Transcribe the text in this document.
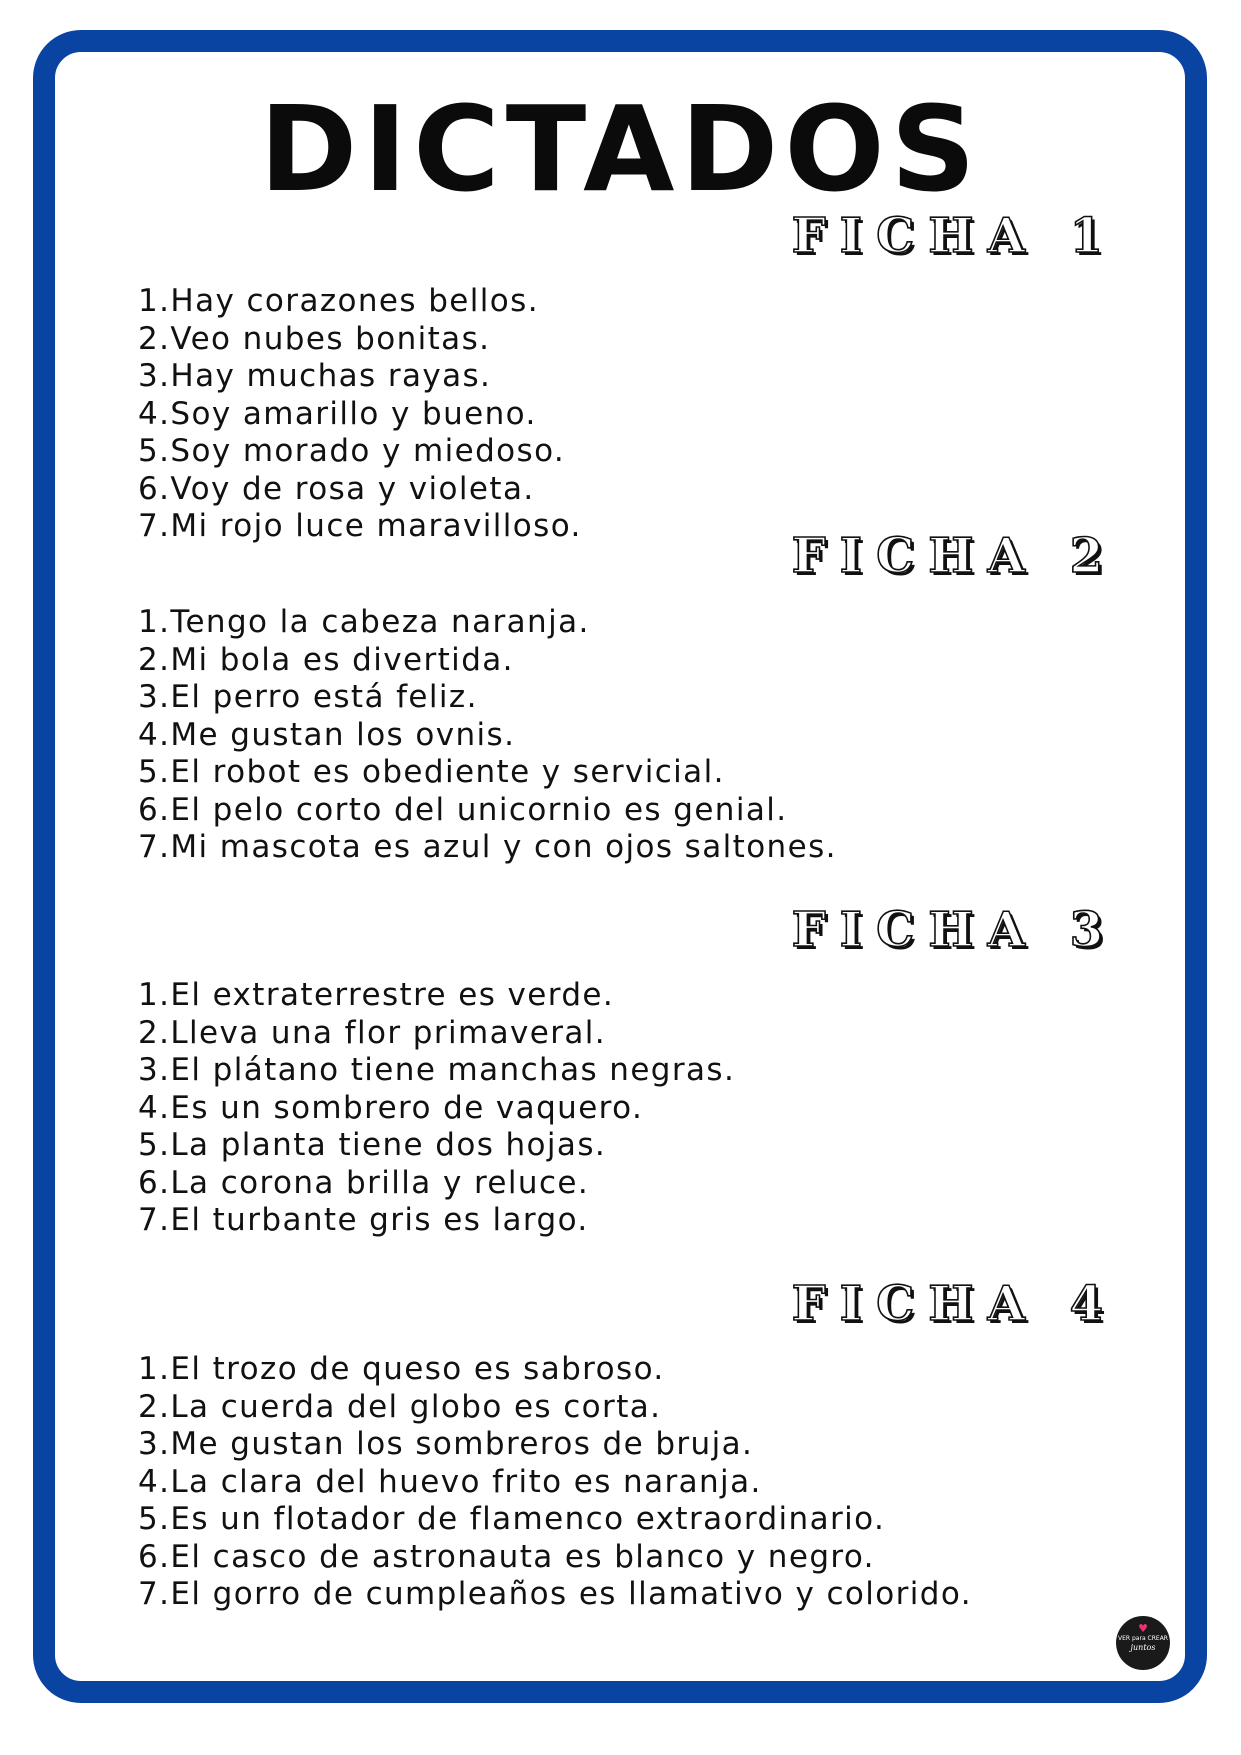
DICTADOS
FICHA 1
1.Hay corazones bellos.
2.Veo nubes bonitas.
3.Hay muchas rayas.
4.Soy amarillo y bueno.
5.Soy morado y miedoso.
6.Voy de rosa y violeta.
7.Mi rojo luce maravilloso.
FICHA 2
1.Tengo la cabeza naranja.
2.Mi bola es divertida.
3.El perro está feliz.
4.Me gustan los ovnis.
5.El robot es obediente y servicial.
6.El pelo corto del unicornio es genial.
7.Mi mascota es azul y con ojos saltones.
FICHA 3
1.El extraterrestre es verde.
2.Lleva una flor primaveral.
3.El plátano tiene manchas negras.
4.Es un sombrero de vaquero.
5.La planta tiene dos hojas.
6.La corona brilla y reluce.
7.El turbante gris es largo.
FICHA 4
1.El trozo de queso es sabroso.
2.La cuerda del globo es corta.
3.Me gustan los sombreros de bruja.
4.La clara del huevo frito es naranja.
5.Es un flotador de flamenco extraordinario.
6.El casco de astronauta es blanco y negro.
7.El gorro de cumpleaños es llamativo y colorido.
♥
VER para CREAR
juntos
